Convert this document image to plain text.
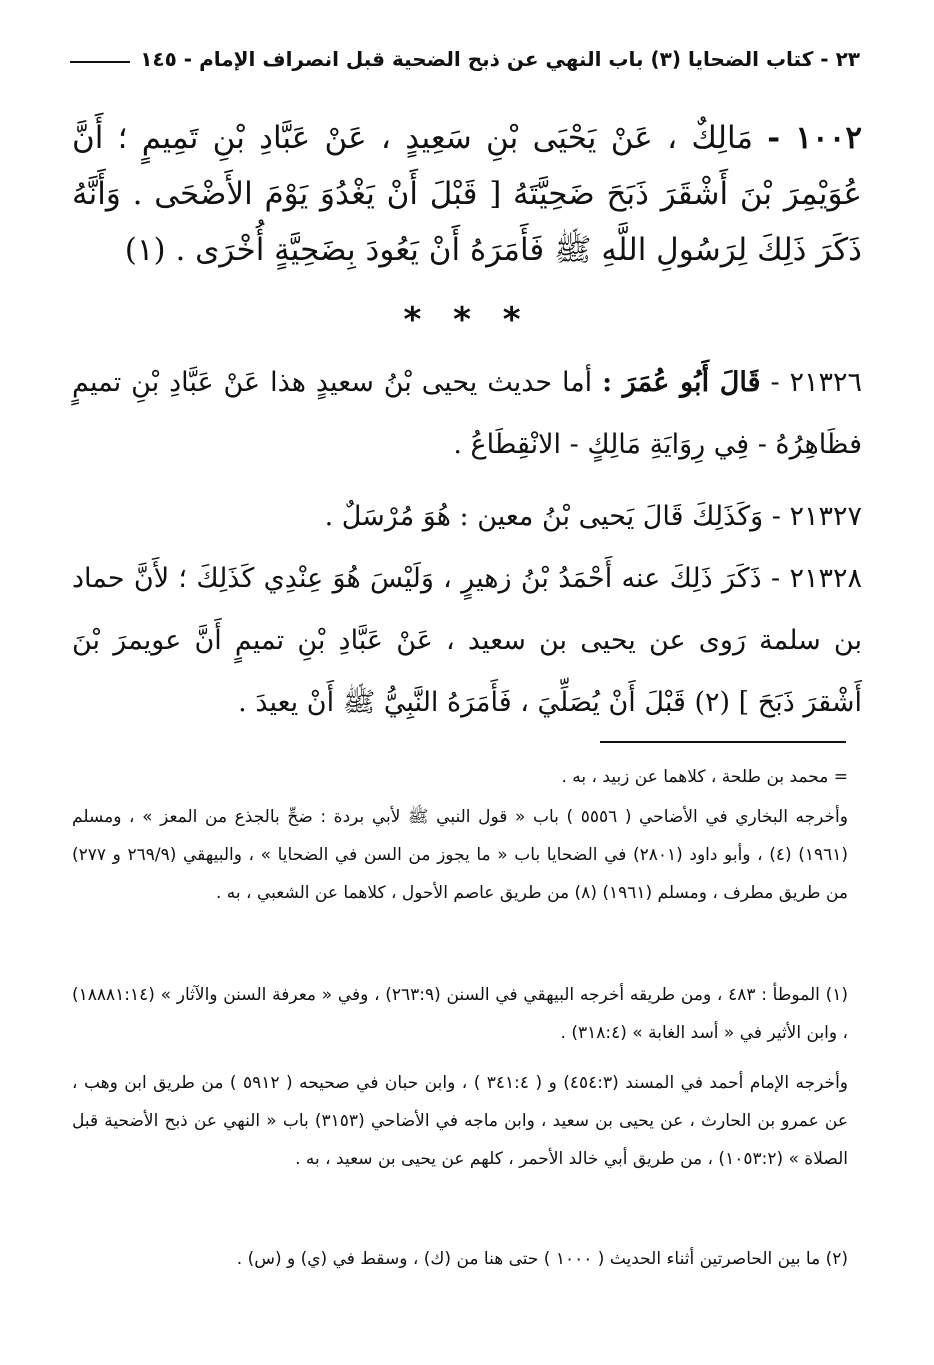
٢٣ - كتاب الضحايا (٣) باب النهي عن ذبح الضحية قبل انصراف الإمام - ١٤٥
١٠٠٢ - مَالِكٌ ، عَنْ يَحْيَى بْنِ سَعِيدٍ ، عَنْ عَبَّادِ بْنِ تَمِيمٍ ؛ أَنَّ عُوَيْمِرَ بْنَ أَشْقَرَ ذَبَحَ ضَحِيَّتَهُ [ قَبْلَ أَنْ يَغْدُوَ يَوْمَ الأَضْحَى . وَأَنَّهُ ذَكَرَ ذَلِكَ لِرَسُولِ اللَّهِ ﷺ فَأَمَرَهُ أَنْ يَعُودَ بِضَحِيَّةٍ أُخْرَى . (١)
* * *
٢١٣٢٦ - قَالَ أَبُو عُمَرَ : أما حديث يحيى بْنُ سعيدٍ هذا عَنْ عَبَّادِ بْنِ تميمٍ فظَاهِرُهُ - فِي رِوَايَةِ مَالِكٍ - الانْقِطَاعُ .
٢١٣٢٧ - وَكَذَلِكَ قَالَ يَحيى بْنُ معين : هُوَ مُرْسَلٌ .
٢١٣٢٨ - ذَكَرَ ذَلِكَ عنه أَحْمَدُ بْنُ زهيرٍ ، وَلَيْسَ هُوَ عِنْدِي كَذَلِكَ ؛ لأَنَّ حماد بن سلمة رَوى عن يحيى بن سعيد ، عَنْ عَبَّادِ بْنِ تميمٍ أَنَّ عويمرَ بْنَ أَشْقرَ ذَبَحَ ] (٢) قَبْلَ أَنْ يُصَلِّيَ ، فَأَمَرَهُ النَّبِيُّ ﷺ أَنْ يعيدَ .
= محمد بن طلحة ، كلاهما عن زبيد ، به .
وأخرجه البخاري في الأضاحي ( ٥٥٥٦ ) باب « قول النبي ﷺ لأبي بردة : ضحِّ بالجذع من المعز » ، ومسلم (١٩٦١) (٤) ، وأبو داود (٢٨٠١) في الضحايا باب « ما يجوز من السن في الضحايا » ، والبيهقي (٢٦٩/٩ و ٢٧٧) من طريق مطرف ، ومسلم (١٩٦١) (٨) من طريق عاصم الأحول ، كلاهما عن الشعبي ، به .
(١) الموطأ : ٤٨٣ ، ومن طريقه أخرجه البيهقي في السنن (٢٦٣:٩) ، وفي « معرفة السنن والآثار » (١٨٨٨١:١٤) ، وابن الأثير في « أسد الغابة » (٣١٨:٤) .
وأخرجه الإمام أحمد في المسند (٤٥٤:٣) و ( ٣٤١:٤ ) ، وابن حبان في صحيحه ( ٥٩١٢ ) من طريق ابن وهب ، عن عمرو بن الحارث ، عن يحيى بن سعيد ، وابن ماجه في الأضاحي (٣١٥٣) باب « النهي عن ذبح الأضحية قبل الصلاة » (١٠٥٣:٢) ، من طريق أبي خالد الأحمر ، كلهم عن يحيى بن سعيد ، به .
(٢) ما بين الحاصرتين أثناء الحديث ( ١٠٠٠ ) حتى هنا من (ك) ، وسقط في (ي) و (س) .
